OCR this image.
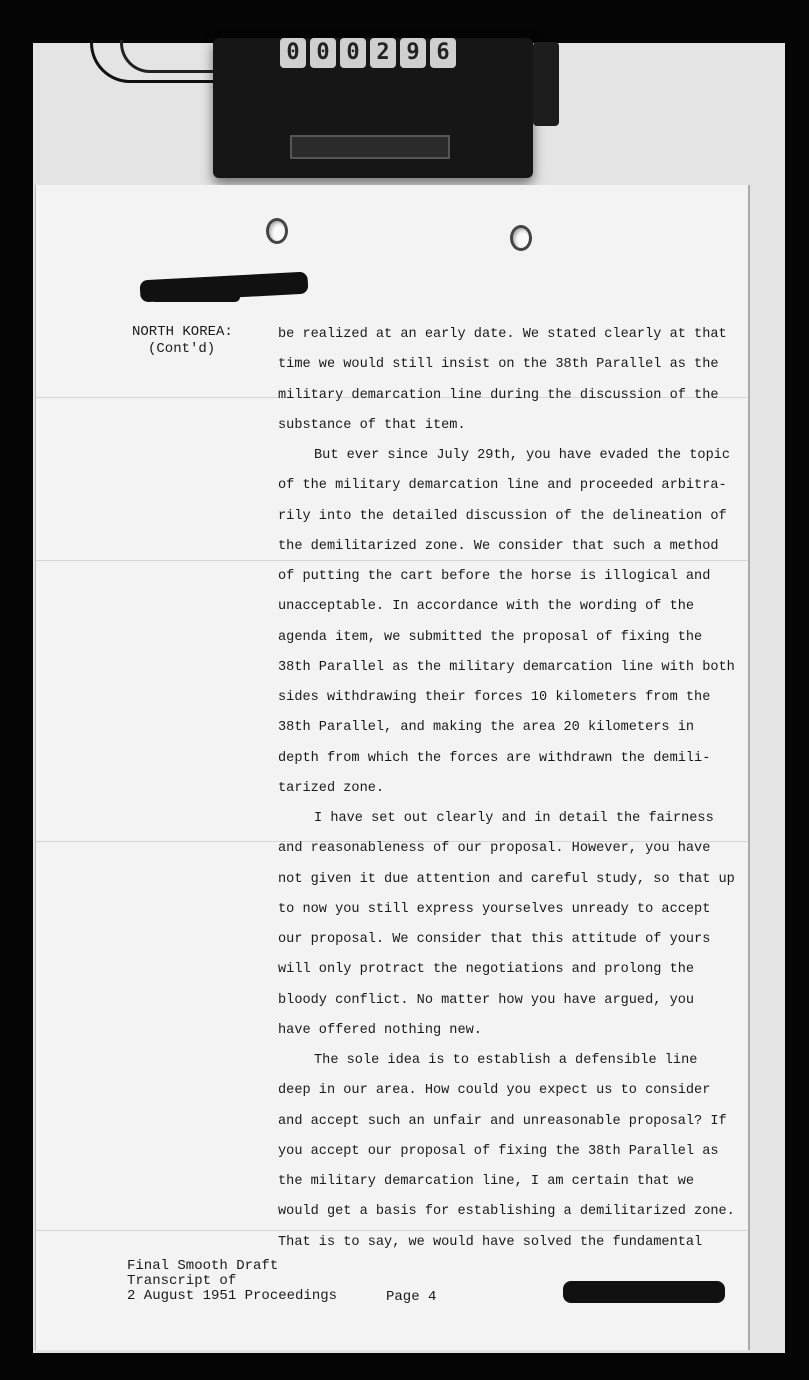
0 0 0 2 9 6
NORTH KOREA:
(Cont'd)
be realized at an early date. We stated clearly at that
time we would still insist on the 38th Parallel as the
military demarcation line during the discussion of the
substance of that item.
But ever since July 29th, you have evaded the topic
of the military demarcation line and proceeded arbitra-
rily into the detailed discussion of the delineation of
the demilitarized zone. We consider that such a method
of putting the cart before the horse is illogical and
unacceptable. In accordance with the wording of the
agenda item, we submitted the proposal of fixing the
38th Parallel as the military demarcation line with both
sides withdrawing their forces 10 kilometers from the
38th Parallel, and making the area 20 kilometers in
depth from which the forces are withdrawn the demili-
tarized zone.
I have set out clearly and in detail the fairness
and reasonableness of our proposal. However, you have
not given it due attention and careful study, so that up
to now you still express yourselves unready to accept
our proposal. We consider that this attitude of yours
will only protract the negotiations and prolong the
bloody conflict. No matter how you have argued, you
have offered nothing new.
The sole idea is to establish a defensible line
deep in our area. How could you expect us to consider
and accept such an unfair and unreasonable proposal? If
you accept our proposal of fixing the 38th Parallel as
the military demarcation line, I am certain that we
would get a basis for establishing a demilitarized zone.
That is to say, we would have solved the fundamental
Final Smooth Draft
Transcript of
2 August 1951 Proceedings	Page 4
